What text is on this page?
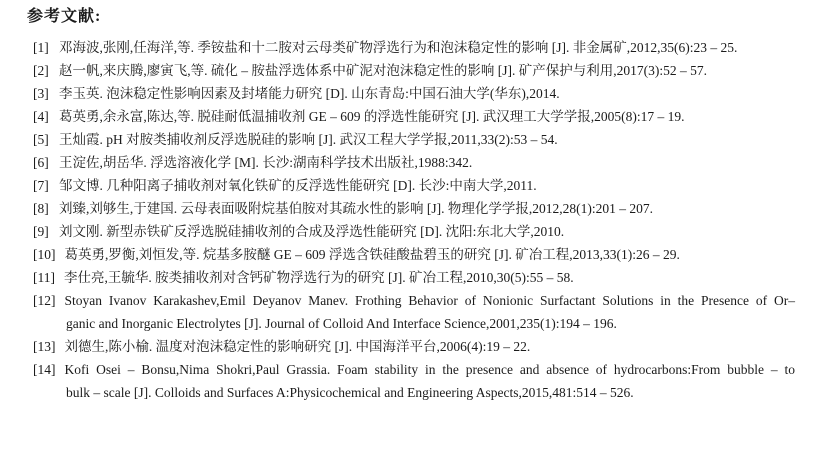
参考文献:
[1] 邓海波,张刚,任海洋,等. 季铵盐和十二胺对云母类矿物浮选行为和泡沫稳定性的影响 [J]. 非金属矿,2012,35(6):23 – 25.
[2] 赵一帆,来庆腾,廖寅飞,等. 硫化 – 胺盐浮选体系中矿泥对泡沫稳定性的影响 [J]. 矿产保护与利用,2017(3):52 – 57.
[3] 李玉英. 泡沫稳定性影响因素及封堵能力研究 [D]. 山东青岛:中国石油大学(华东),2014.
[4] 葛英勇,余永富,陈达,等. 脱硅耐低温捕收剂 GE – 609 的浮选性能研究 [J]. 武汉理工大学学报,2005(8):17 – 19.
[5] 王灿霞. pH 对胺类捕收剂反浮选脱硅的影响 [J]. 武汉工程大学学报,2011,33(2):53 – 54.
[6] 王淀佐,胡岳华. 浮选溶液化学 [M]. 长沙:湖南科学技术出版社,1988:342.
[7] 邹文博. 几种阳离子捕收剂对氧化铁矿的反浮选性能研究 [D]. 长沙:中南大学,2011.
[8] 刘臻,刘够生,于建国. 云母表面吸附烷基伯胺对其疏水性的影响 [J]. 物理化学学报,2012,28(1):201 – 207.
[9] 刘文刚. 新型赤铁矿反浮选脱硅捕收剂的合成及浮选性能研究 [D]. 沈阳:东北大学,2010.
[10] 葛英勇,罗衡,刘恒发,等. 烷基多胺醚 GE – 609 浮选含铁硅酸盐碧玉的研究 [J]. 矿冶工程,2013,33(1):26 – 29.
[11] 李仕亮,王毓华. 胺类捕收剂对含钙矿物浮选行为的研究 [J]. 矿冶工程,2010,30(5):55 – 58.
[12] Stoyan Ivanov Karakashev,Emil Deyanov Manev. Frothing Behavior of Nonionic Surfactant Solutions in the Presence of Or–
ganic and Inorganic Electrolytes [J]. Journal of Colloid And Interface Science,2001,235(1):194 – 196.
[13] 刘德生,陈小榆. 温度对泡沫稳定性的影响研究 [J]. 中国海洋平台,2006(4):19 – 22.
[14] Kofi Osei – Bonsu,Nima Shokri,Paul Grassia. Foam stability in the presence and absence of hydrocarbons:From bubble – to
bulk – scale [J]. Colloids and Surfaces A:Physicochemical and Engineering Aspects,2015,481:514 – 526.
